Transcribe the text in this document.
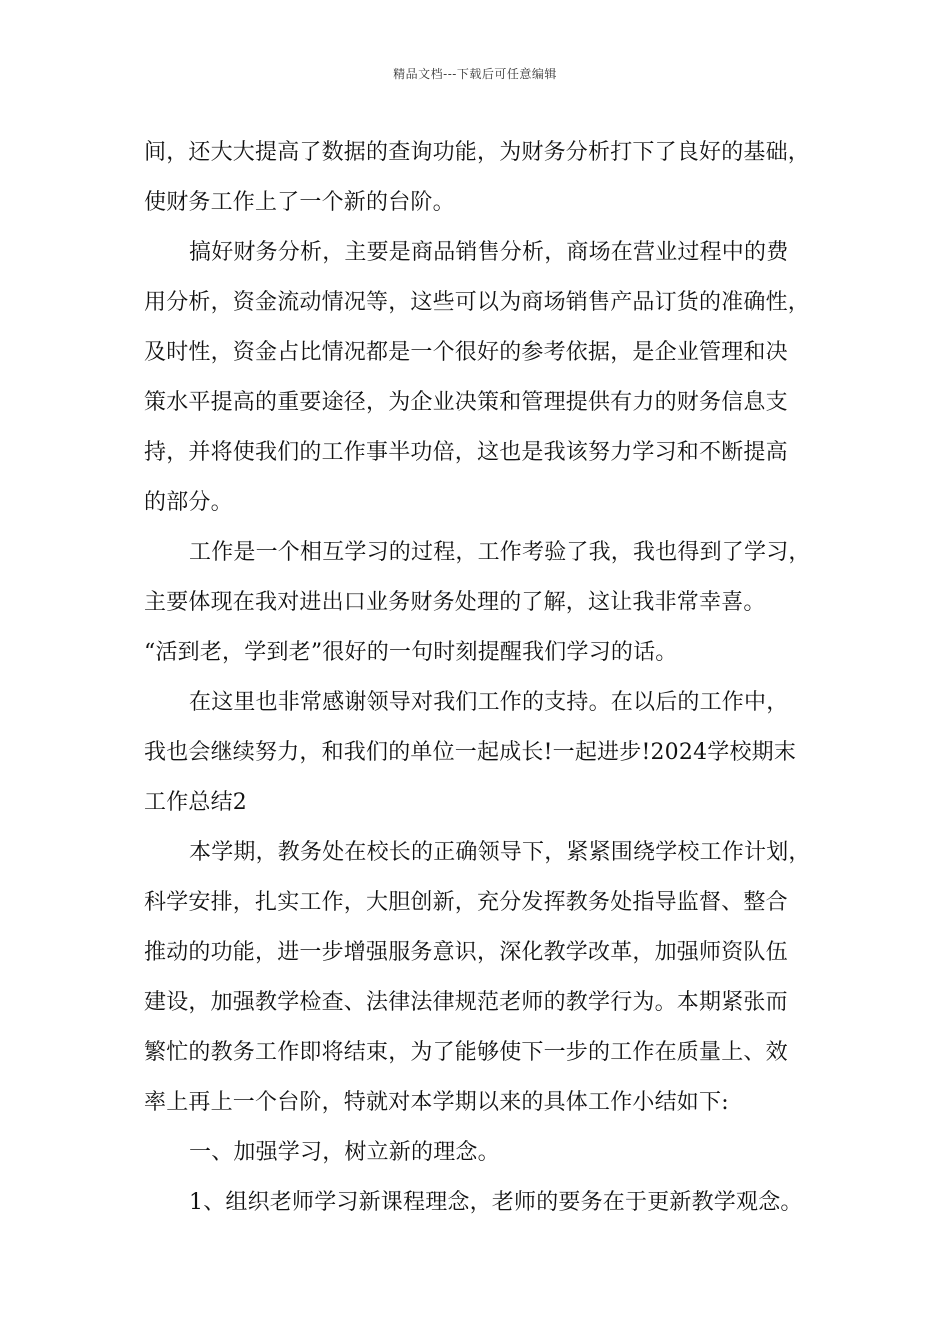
精品文档---下载后可任意编辑
间，还大大提高了数据的查询功能，为财务分析打下了良好的基础，
使财务工作上了一个新的台阶。
搞好财务分析，主要是商品销售分析，商场在营业过程中的费
用分析，资金流动情况等，这些可以为商场销售产品订货的准确性，
及时性，资金占比情况都是一个很好的参考依据，是企业管理和决
策水平提高的重要途径，为企业决策和管理提供有力的财务信息支
持，并将使我们的工作事半功倍，这也是我该努力学习和不断提高
的部分。
工作是一个相互学习的过程，工作考验了我，我也得到了学习，
主要体现在我对进出口业务财务处理的了解，这让我非常幸喜。
“活到老，学到老”很好的一句时刻提醒我们学习的话。
在这里也非常感谢领导对我们工作的支持。在以后的工作中，
我也会继续努力，和我们的单位一起成长!一起进步!2024学校期末
工作总结2
本学期，教务处在校长的正确领导下，紧紧围绕学校工作计划，
科学安排，扎实工作，大胆创新，充分发挥教务处指导监督、整合
推动的功能，进一步增强服务意识，深化教学改革，加强师资队伍
建设，加强教学检查、法律法律规范老师的教学行为。本期紧张而
繁忙的教务工作即将结束，为了能够使下一步的工作在质量上、效
率上再上一个台阶，特就对本学期以来的具体工作小结如下:
一、加强学习，树立新的理念。
1、组织老师学习新课程理念，老师的要务在于更新教学观念。
